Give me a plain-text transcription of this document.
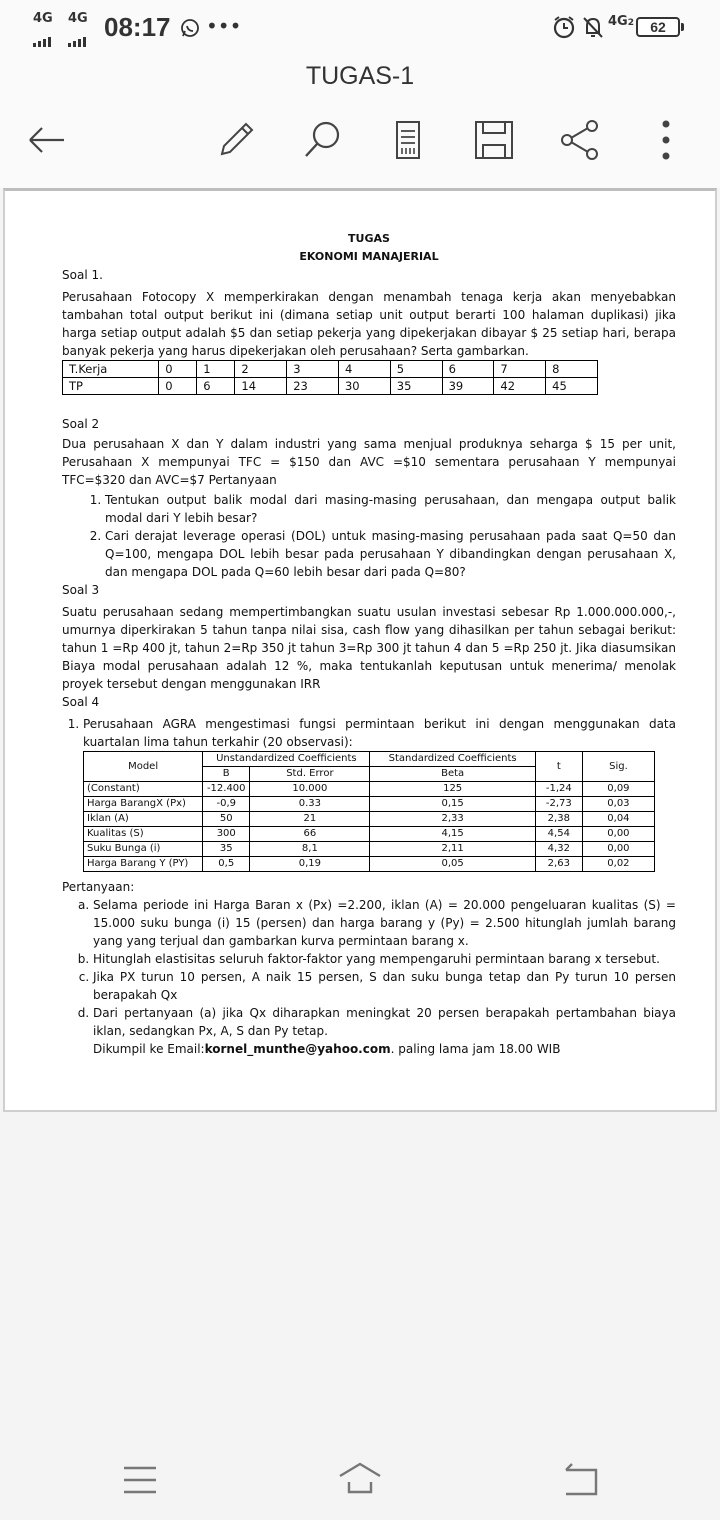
4G 4G 08:17 •••	4G2	62
TUGAS-1
TUGAS
EKONOMI MANAJERIAL

Soal 1.

Perusahaan Fotocopy X memperkirakan dengan menambah tenaga kerja akan menyebabkan tambahan total output berikut ini (dimana setiap unit output berarti 100 halaman duplikasi) jika harga setiap output adalah $5 dan setiap pekerja yang dipekerjakan dibayar $ 25 setiap hari, berapa banyak pekerja yang harus dipekerjakan oleh perusahaan? Serta gambarkan.

T.Kerja	0	1	2	3	4	5	6	7	8
TP	0	6	14	23	30	35	39	42	45

Soal 2

Dua perusahaan X dan Y dalam industri yang sama menjual produknya seharga $ 15 per unit, Perusahaan X mempunyai TFC = $150 dan AVC =$10 sementara perusahaan Y mempunyai TFC=$320 dan AVC=$7 Pertanyaan

1. Tentukan output balik modal dari masing-masing perusahaan, dan mengapa output balik modal dari Y lebih besar?
2. Cari derajat leverage operasi (DOL) untuk masing-masing perusahaan pada saat Q=50 dan Q=100, mengapa DOL lebih besar pada perusahaan Y dibandingkan dengan perusahaan X, dan mengapa DOL pada Q=60 lebih besar dari pada Q=80?

Soal 3

Suatu perusahaan sedang mempertimbangkan suatu usulan investasi sebesar Rp 1.000.000.000,-, umurnya diperkirakan 5 tahun tanpa nilai sisa, cash flow yang dihasilkan per tahun sebagai berikut: tahun 1 =Rp 400 jt, tahun 2=Rp 350 jt tahun 3=Rp 300 jt tahun 4 dan 5 =Rp 250 jt. Jika diasumsikan Biaya modal perusahaan adalah 12 %, maka tentukanlah keputusan untuk menerima/ menolak proyek tersebut dengan menggunakan IRR

Soal 4

1. Perusahaan AGRA mengestimasi fungsi permintaan berikut ini dengan menggunakan data kuartalan lima tahun terkahir (20 observasi):
Model	Unstandardized Coefficients		Standardized Coefficients	t	Sig.
	B	Std. Error	Beta		
(Constant)	-12.400	10.000	125	-1,24	0,09
Harga BarangX (Px)	-0,9	0.33	0,15	-2,73	0,03
Iklan (A)	50	21	2,33	2,38	0,04
Kualitas (S)	300	66	4,15	4,54	0,00
Suku Bunga (i)	35	8,1	2,11	4,32	0,00
Harga Barang Y (PY)	0,5	0,19	0,05	2,63	0,02

Pertanyaan:

a. Selama periode ini Harga Baran x (Px) =2.200, iklan (A) = 20.000 pengeluaran kualitas (S) = 15.000 suku bunga (i) 15 (persen) dan harga barang y (Py) = 2.500 hitunglah jumlah barang yang yang terjual dan gambarkan kurva permintaan barang x.
b. Hitunglah elastisitas seluruh faktor-faktor yang mempengaruhi permintaan barang x tersebut.
c. Jika PX turun 10 persen, A naik 15 persen, S dan suku bunga tetap dan Py turun 10 persen berapakah Qx
d. Dari pertanyaan (a) jika Qx diharapkan meningkat 20 persen berapakah pertambahan biaya iklan, sedangkan Px, A, S dan Py tetap.

Dikumpil ke Email:kornel_munthe@yahoo.com. paling lama jam 18.00 WIB
